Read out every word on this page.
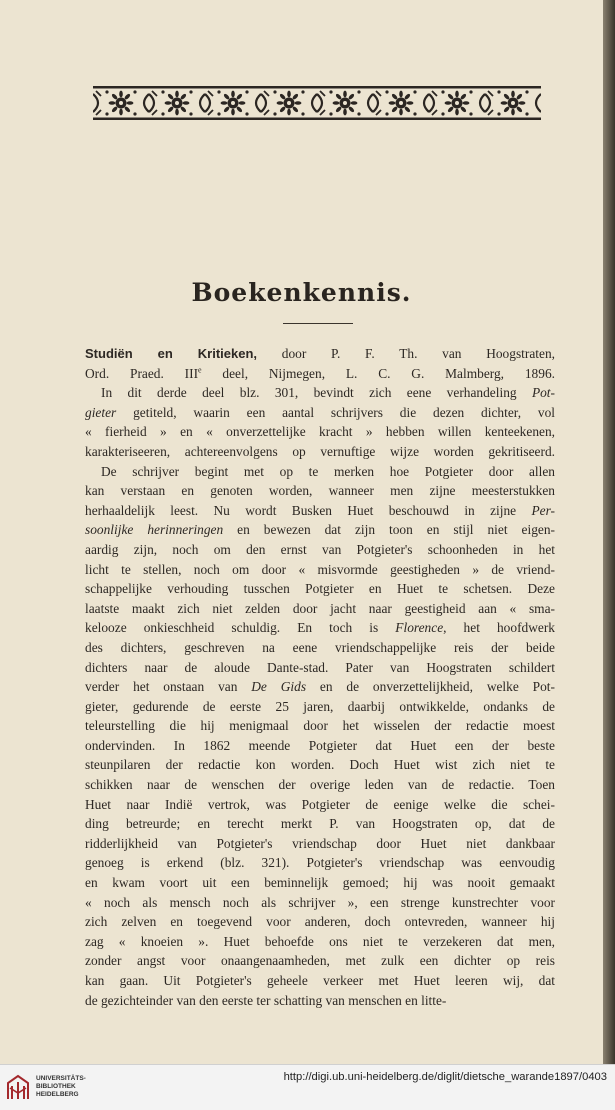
Boekenkennis.
Studiën en Kritieken, door P. F. Th. van Hoogstraten,
Ord. Praed. IIIe deel, Nijmegen, L. C. G. Malmberg, 1896.
In dit derde deel blz. 301, bevindt zich eene verhandeling Pot-
gieter getiteld, waarin een aantal schrijvers die dezen dichter, vol
« fierheid » en « onverzettelijke kracht » hebben willen kenteekenen,
karakteriseeren, achtereenvolgens op vernuftige wijze worden gekritiseerd.
De schrijver begint met op te merken hoe Potgieter door allen
kan verstaan en genoten worden, wanneer men zijne meesterstukken
herhaaldelijk leest. Nu wordt Busken Huet beschouwd in zijne Per-
soonlijke herinneringen en bewezen dat zijn toon en stijl niet eigen-
aardig zijn, noch om den ernst van Potgieter's schoonheden in het
licht te stellen, noch om door « misvormde geestigheden » de vriend-
schappelijke verhouding tusschen Potgieter en Huet te schetsen. Deze
laatste maakt zich niet zelden door jacht naar geestigheid aan « sma-
kelooze onkieschheid schuldig. En toch is Florence, het hoofdwerk
des dichters, geschreven na eene vriendschappelijke reis der beide
dichters naar de aloude Dante-stad. Pater van Hoogstraten schildert
verder het onstaan van De Gids en de onverzettelijkheid, welke Pot-
gieter, gedurende de eerste 25 jaren, daarbij ontwikkelde, ondanks de
teleurstelling die hij menigmaal door het wisselen der redactie moest
ondervinden. In 1862 meende Potgieter dat Huet een der beste
steunpilaren der redactie kon worden. Doch Huet wist zich niet te
schikken naar de wenschen der overige leden van de redactie. Toen
Huet naar Indië vertrok, was Potgieter de eenige welke die schei-
ding betreurde; en terecht merkt P. van Hoogstraten op, dat de
ridderlijkheid van Potgieter's vriendschap door Huet niet dankbaar
genoeg is erkend (blz. 321). Potgieter's vriendschap was eenvoudig
en kwam voort uit een beminnelijk gemoed; hij was nooit gemaakt
« noch als mensch noch als schrijver », een strenge kunstrechter voor
zich zelven en toegevend voor anderen, doch ontevreden, wanneer hij
zag « knoeien ». Huet behoefde ons niet te verzekeren dat men,
zonder angst voor onaangenaamheden, met zulk een dichter op reis
kan gaan. Uit Potgieter's geheele verkeer met Huet leeren wij, dat
de gezichteinder van den eerste ter schatting van menschen en litte-
UNIVERSITÄTS-
BIBLIOTHEK
HEIDELBERG
http://digi.ub.uni-heidelberg.de/diglit/dietsche_warande1897/0403
